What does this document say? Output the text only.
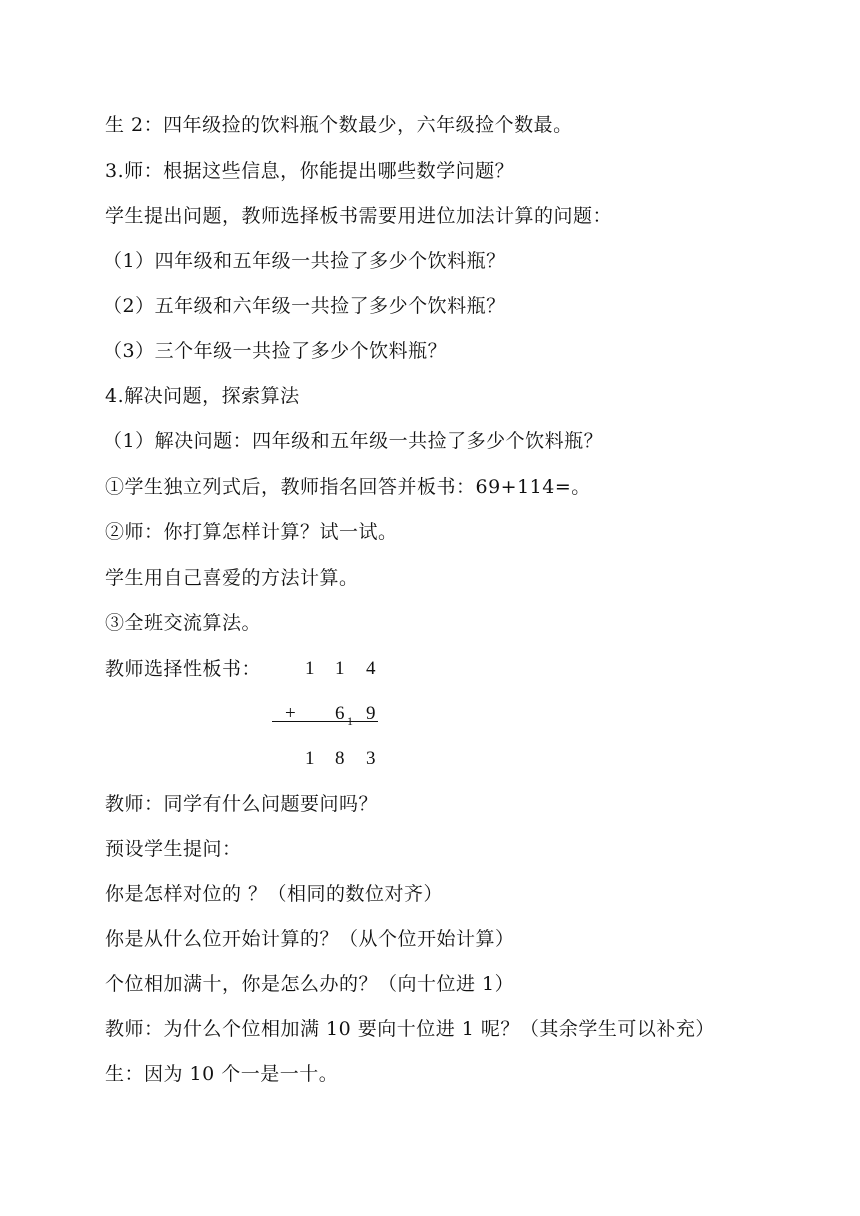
生 2：四年级捡的饮料瓶个数最少，六年级捡个数最。
3.师：根据这些信息，你能提出哪些数学问题？
学生提出问题，教师选择板书需要用进位加法计算的问题：
（1）四年级和五年级一共捡了多少个饮料瓶？
（2）五年级和六年级一共捡了多少个饮料瓶？
（3）三个年级一共捡了多少个饮料瓶？
4.解决问题，探索算法
（1）解决问题：四年级和五年级一共捡了多少个饮料瓶？
①学生独立列式后，教师指名回答并板书：69+114=。
②师：你打算怎样计算？试一试。
学生用自己喜爱的方法计算。
③全班交流算法。
教师选择性板书： 1 1 4
+ 6 1 9
1 8 3
教师：同学有什么问题要问吗？
预设学生提问：
你是怎样对位的 ？（相同的数位对齐）
你是从什么位开始计算的？（从个位开始计算）
个位相加满十，你是怎么办的？（向十位进 1）
教师：为什么个位相加满 10 要向十位进 1 呢？（其余学生可以补充）
生：因为 10 个一是一十。
